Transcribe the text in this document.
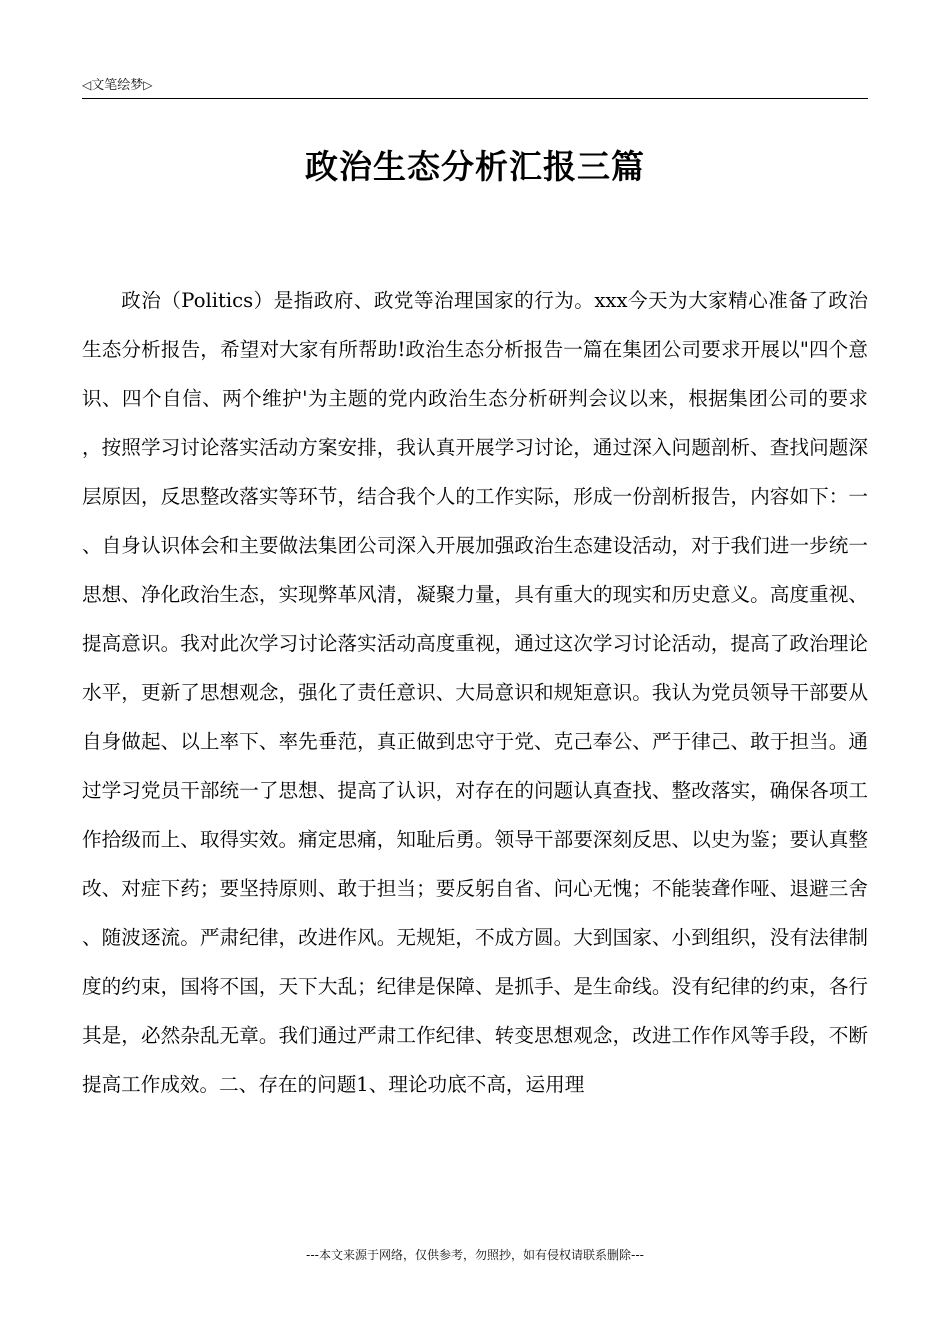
◁文笔绘梦▷
政治生态分析汇报三篇

政治（Politics）是指政府、政党等治理国家的行为。xxx今天为大家精心准备了政治生态分析报告，希望对大家有所帮助!政治生态分析报告一篇在集团公司要求开展以"四个意识、四个自信、两个维护'为主题的党内政治生态分析研判会议以来，根据集团公司的要求，按照学习讨论落实活动方案安排，我认真开展学习讨论，通过深入问题剖析、查找问题深层原因，反思整改落实等环节，结合我个人的工作实际，形成一份剖析报告，内容如下：一、自身认识体会和主要做法集团公司深入开展加强政治生态建设活动，对于我们进一步统一思想、净化政治生态，实现弊革风清，凝聚力量，具有重大的现实和历史意义。高度重视、提高意识。我对此次学习讨论落实活动高度重视，通过这次学习讨论活动，提高了政治理论水平，更新了思想观念，强化了责任意识、大局意识和规矩意识。我认为党员领导干部要从自身做起、以上率下、率先垂范，真正做到忠守于党、克己奉公、严于律己、敢于担当。通过学习党员干部统一了思想、提高了认识，对存在的问题认真查找、整改落实，确保各项工作拾级而上、取得实效。痛定思痛，知耻后勇。领导干部要深刻反思、以史为鉴；要认真整改、对症下药；要坚持原则、敢于担当；要反躬自省、问心无愧；不能装聋作哑、退避三舍、随波逐流。严肃纪律，改进作风。无规矩，不成方圆。大到国家、小到组织，没有法律制度的约束，国将不国，天下大乱；纪律是保障、是抓手、是生命线。没有纪律的约束，各行其是，必然杂乱无章。我们通过严肃工作纪律、转变思想观念，改进工作作风等手段，不断提高工作成效。二、存在的问题1、理论功底不高，运用理

---本文来源于网络，仅供参考，勿照抄，如有侵权请联系删除---
